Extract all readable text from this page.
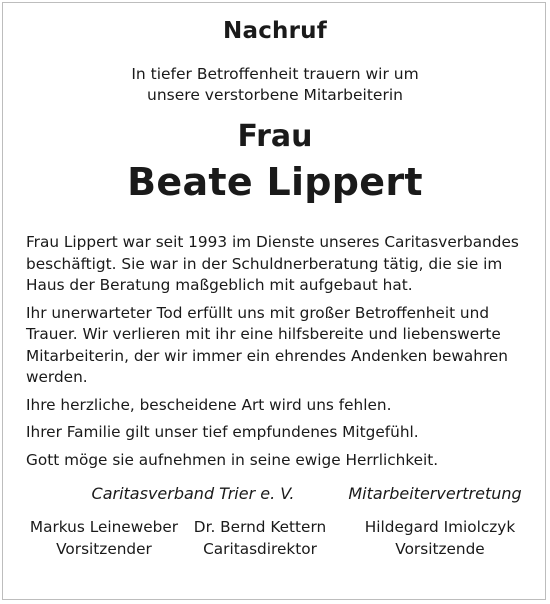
Nachruf
In tiefer Betroffenheit trauern wir um
unsere verstorbene Mitarbeiterin
Frau
Beate Lippert
Frau Lippert war seit 1993 im Dienste unseres Caritasverbandes
beschäftigt. Sie war in der Schuldnerberatung tätig, die sie im
Haus der Beratung maßgeblich mit aufgebaut hat.
Ihr unerwarteter Tod erfüllt uns mit großer Betroffenheit und
Trauer. Wir verlieren mit ihr eine hilfsbereite und liebenswerte
Mitarbeiterin, der wir immer ein ehrendes Andenken bewahren
werden.
Ihre herzliche, bescheidene Art wird uns fehlen.
Ihrer Familie gilt unser tief empfundenes Mitgefühl.
Gott möge sie aufnehmen in seine ewige Herrlichkeit.
Caritasverband Trier e. V.	Mitarbeitervertretung
Markus Leineweber
Vorsitzender
Dr. Bernd Kettern
Caritasdirektor
Hildegard Imiolczyk
Vorsitzende
